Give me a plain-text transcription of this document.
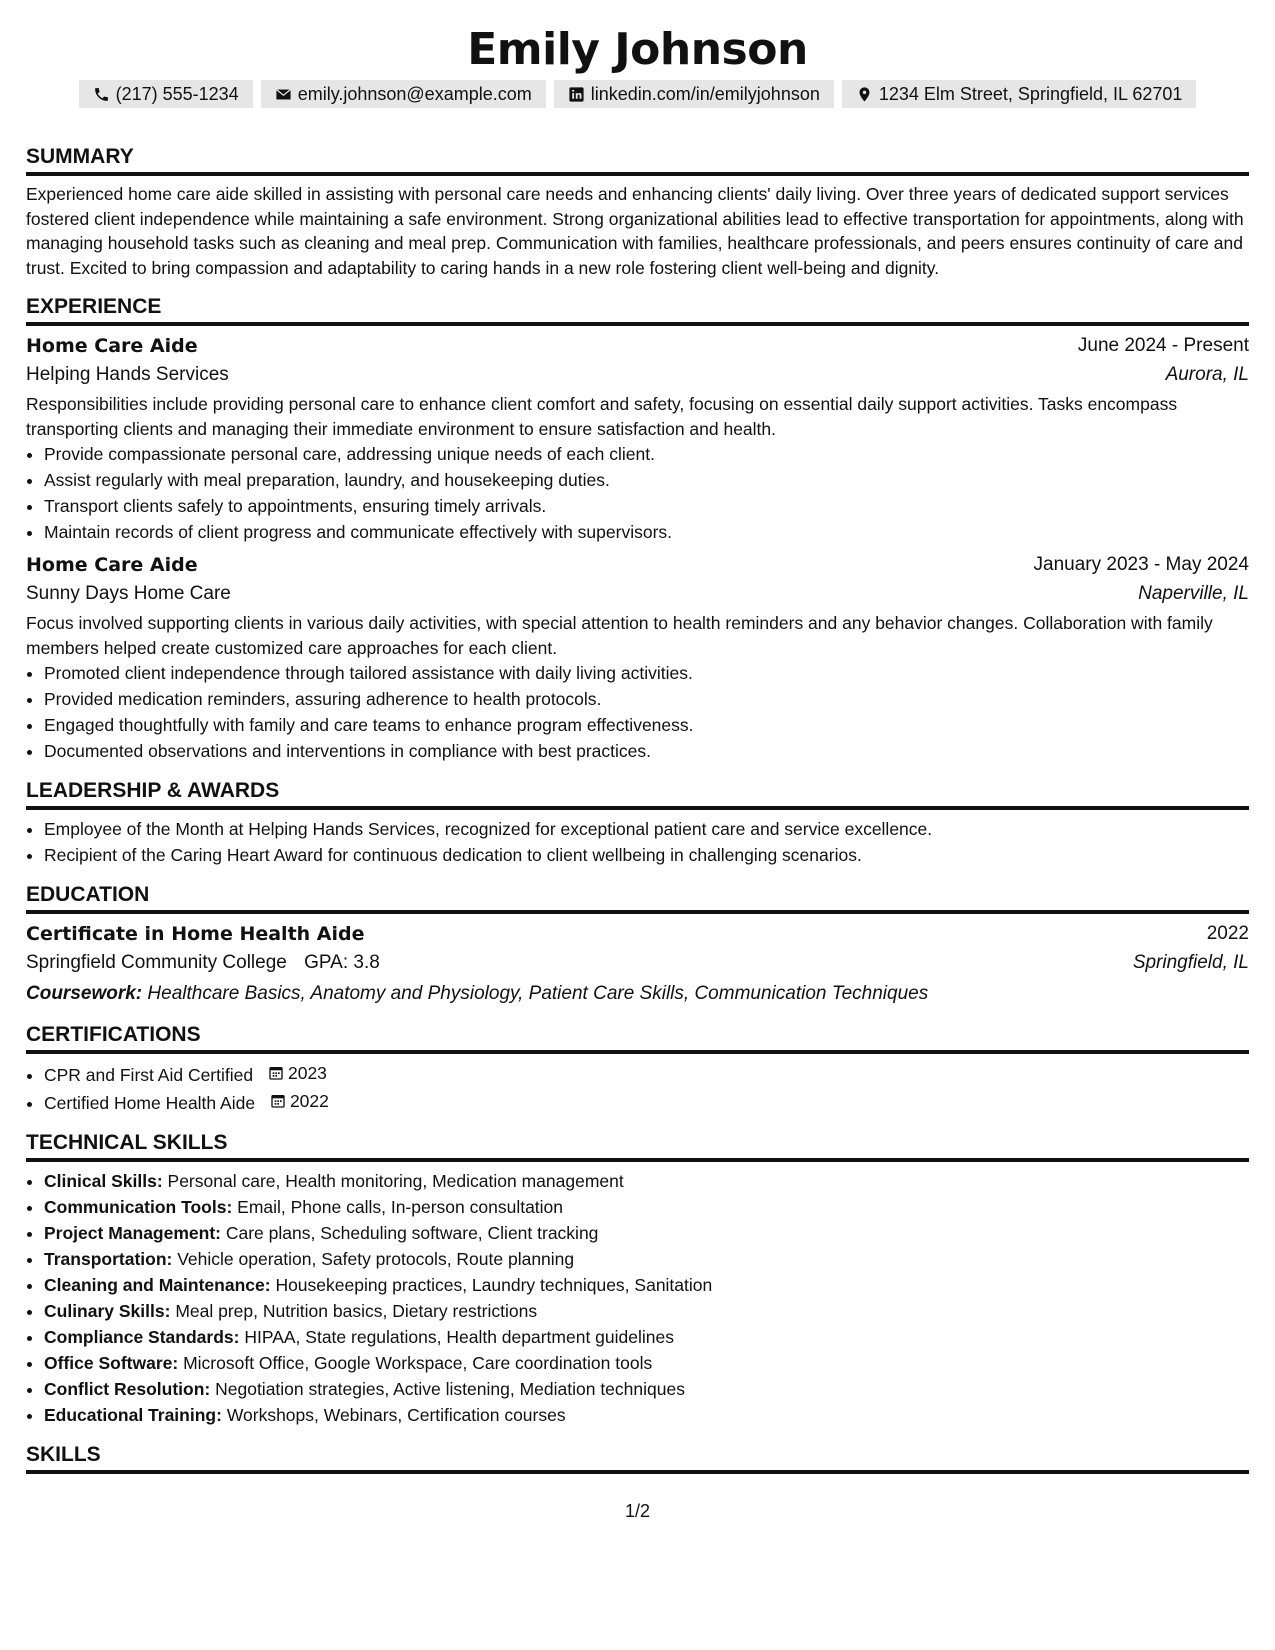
Emily Johnson
(217) 555-1234	emily.johnson@example.com	linkedin.com/in/emilyjohnson	1234 Elm Street, Springfield, IL 62701
SUMMARY

Experienced home care aide skilled in assisting with personal care needs and enhancing clients' daily living. Over three years of dedicated support services fostered client independence while maintaining a safe environment. Strong organizational abilities lead to effective transportation for appointments, along with managing household tasks such as cleaning and meal prep. Communication with families, healthcare professionals, and peers ensures continuity of care and trust. Excited to bring compassion and adaptability to caring hands in a new role fostering client well-being and dignity.

EXPERIENCE
Home Care Aide	June 2024 - Present
Helping Hands Services	Aurora, IL

Responsibilities include providing personal care to enhance client comfort and safety, focusing on essential daily support activities. Tasks encompass transporting clients and managing their immediate environment to ensure satisfaction and health.

• Provide compassionate personal care, addressing unique needs of each client.
• Assist regularly with meal preparation, laundry, and housekeeping duties.
• Transport clients safely to appointments, ensuring timely arrivals.
• Maintain records of client progress and communicate effectively with supervisors.
Home Care Aide	January 2023 - May 2024
Sunny Days Home Care	Naperville, IL

Focus involved supporting clients in various daily activities, with special attention to health reminders and any behavior changes. Collaboration with family members helped create customized care approaches for each client.

• Promoted client independence through tailored assistance with daily living activities.
• Provided medication reminders, assuring adherence to health protocols.
• Engaged thoughtfully with family and care teams to enhance program effectiveness.
• Documented observations and interventions in compliance with best practices.
LEADERSHIP & AWARDS
• Employee of the Month at Helping Hands Services, recognized for exceptional patient care and service excellence.
• Recipient of the Caring Heart Award for continuous dedication to client wellbeing in challenging scenarios.
EDUCATION
Certificate in Home Health Aide	2022
Springfield Community College GPA: 3.8	Springfield, IL
Coursework: Healthcare Basics, Anatomy and Physiology, Patient Care Skills, Communication Techniques
CERTIFICATIONS
• CPR and First Aid Certified 2023
• Certified Home Health Aide 2022
TECHNICAL SKILLS
• Clinical Skills: Personal care, Health monitoring, Medication management
• Communication Tools: Email, Phone calls, In-person consultation
• Project Management: Care plans, Scheduling software, Client tracking
• Transportation: Vehicle operation, Safety protocols, Route planning
• Cleaning and Maintenance: Housekeeping practices, Laundry techniques, Sanitation
• Culinary Skills: Meal prep, Nutrition basics, Dietary restrictions
• Compliance Standards: HIPAA, State regulations, Health department guidelines
• Office Software: Microsoft Office, Google Workspace, Care coordination tools
• Conflict Resolution: Negotiation strategies, Active listening, Mediation techniques
• Educational Training: Workshops, Webinars, Certification courses
SKILLS
1/2
